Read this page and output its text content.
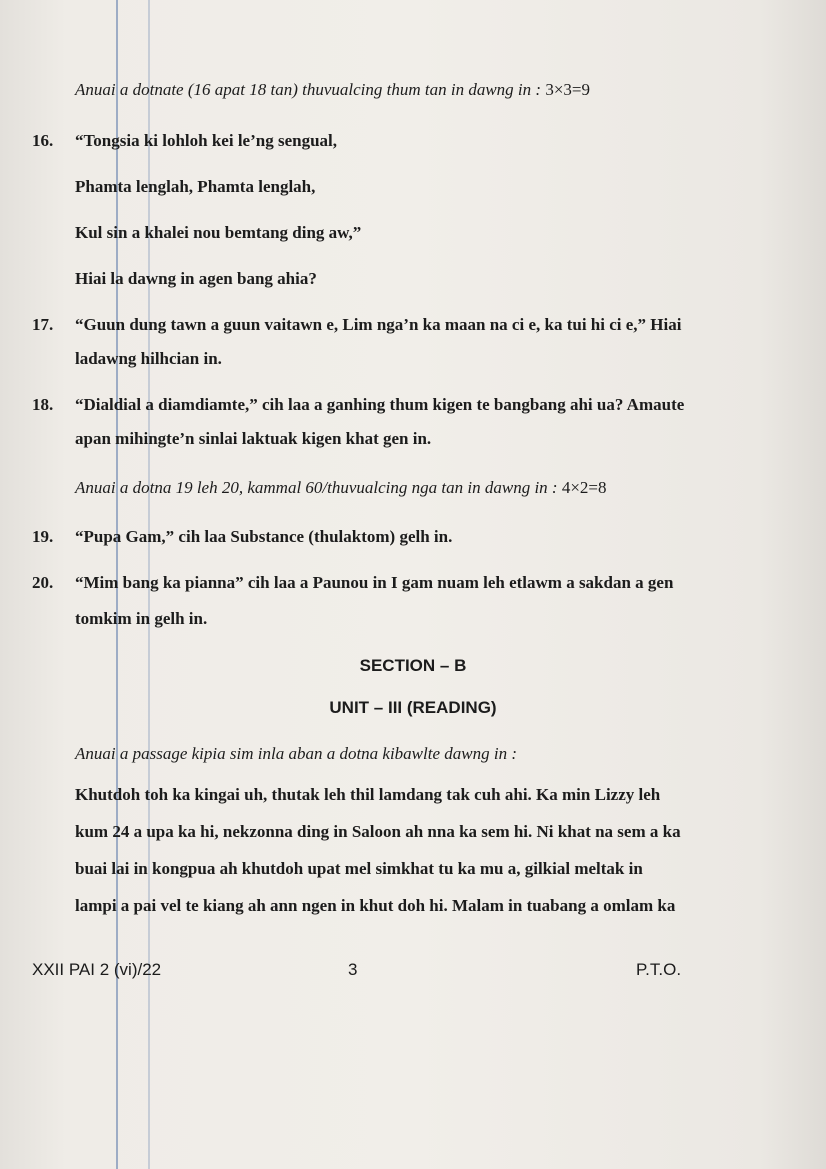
Anuai a dotnate (16 apat 18 tan) thuvualcing thum tan in dawng in : 3×3=9
16. “Tongsia ki lohloh kei le’ng sengual,
Phamta lenglah, Phamta lenglah,
Kul sin a khalei nou bemtang ding aw,”
Hiai la dawng in agen bang ahia?
17. “Guun dung tawn a guun vaitawn e, Lim nga’n ka maan na ci e, ka tui hi ci e,” Hiai
ladawng hilhcian in.
18. “Dialdial a diamdiamte,” cih laa a ganhing thum kigen te bangbang ahi ua? Amaute
apan mihingte’n sinlai laktuak kigen khat gen in.
Anuai a dotna 19 leh 20, kammal 60/thuvualcing nga tan in dawng in : 4×2=8
19. “Pupa Gam,” cih laa Substance (thulaktom) gelh in.
20. “Mim bang ka pianna” cih laa a Paunou in I gam nuam leh etlawm a sakdan a gen
tomkim in gelh in.
SECTION – B
UNIT – III (READING)
Anuai a passage kipia sim inla aban a dotna kibawlte dawng in :
Khutdoh toh ka kingai uh, thutak leh thil lamdang tak cuh ahi. Ka min Lizzy leh
kum 24 a upa ka hi, nekzonna ding in Saloon ah nna ka sem hi. Ni khat na sem a ka
buai lai in kongpua ah khutdoh upat mel simkhat tu ka mu a, gilkial meltak in
lampi a pai vel te kiang ah ann ngen in khut doh hi. Malam in tuabang a omlam ka
XXII PAI 2 (vi)/22	3	P.T.O.
